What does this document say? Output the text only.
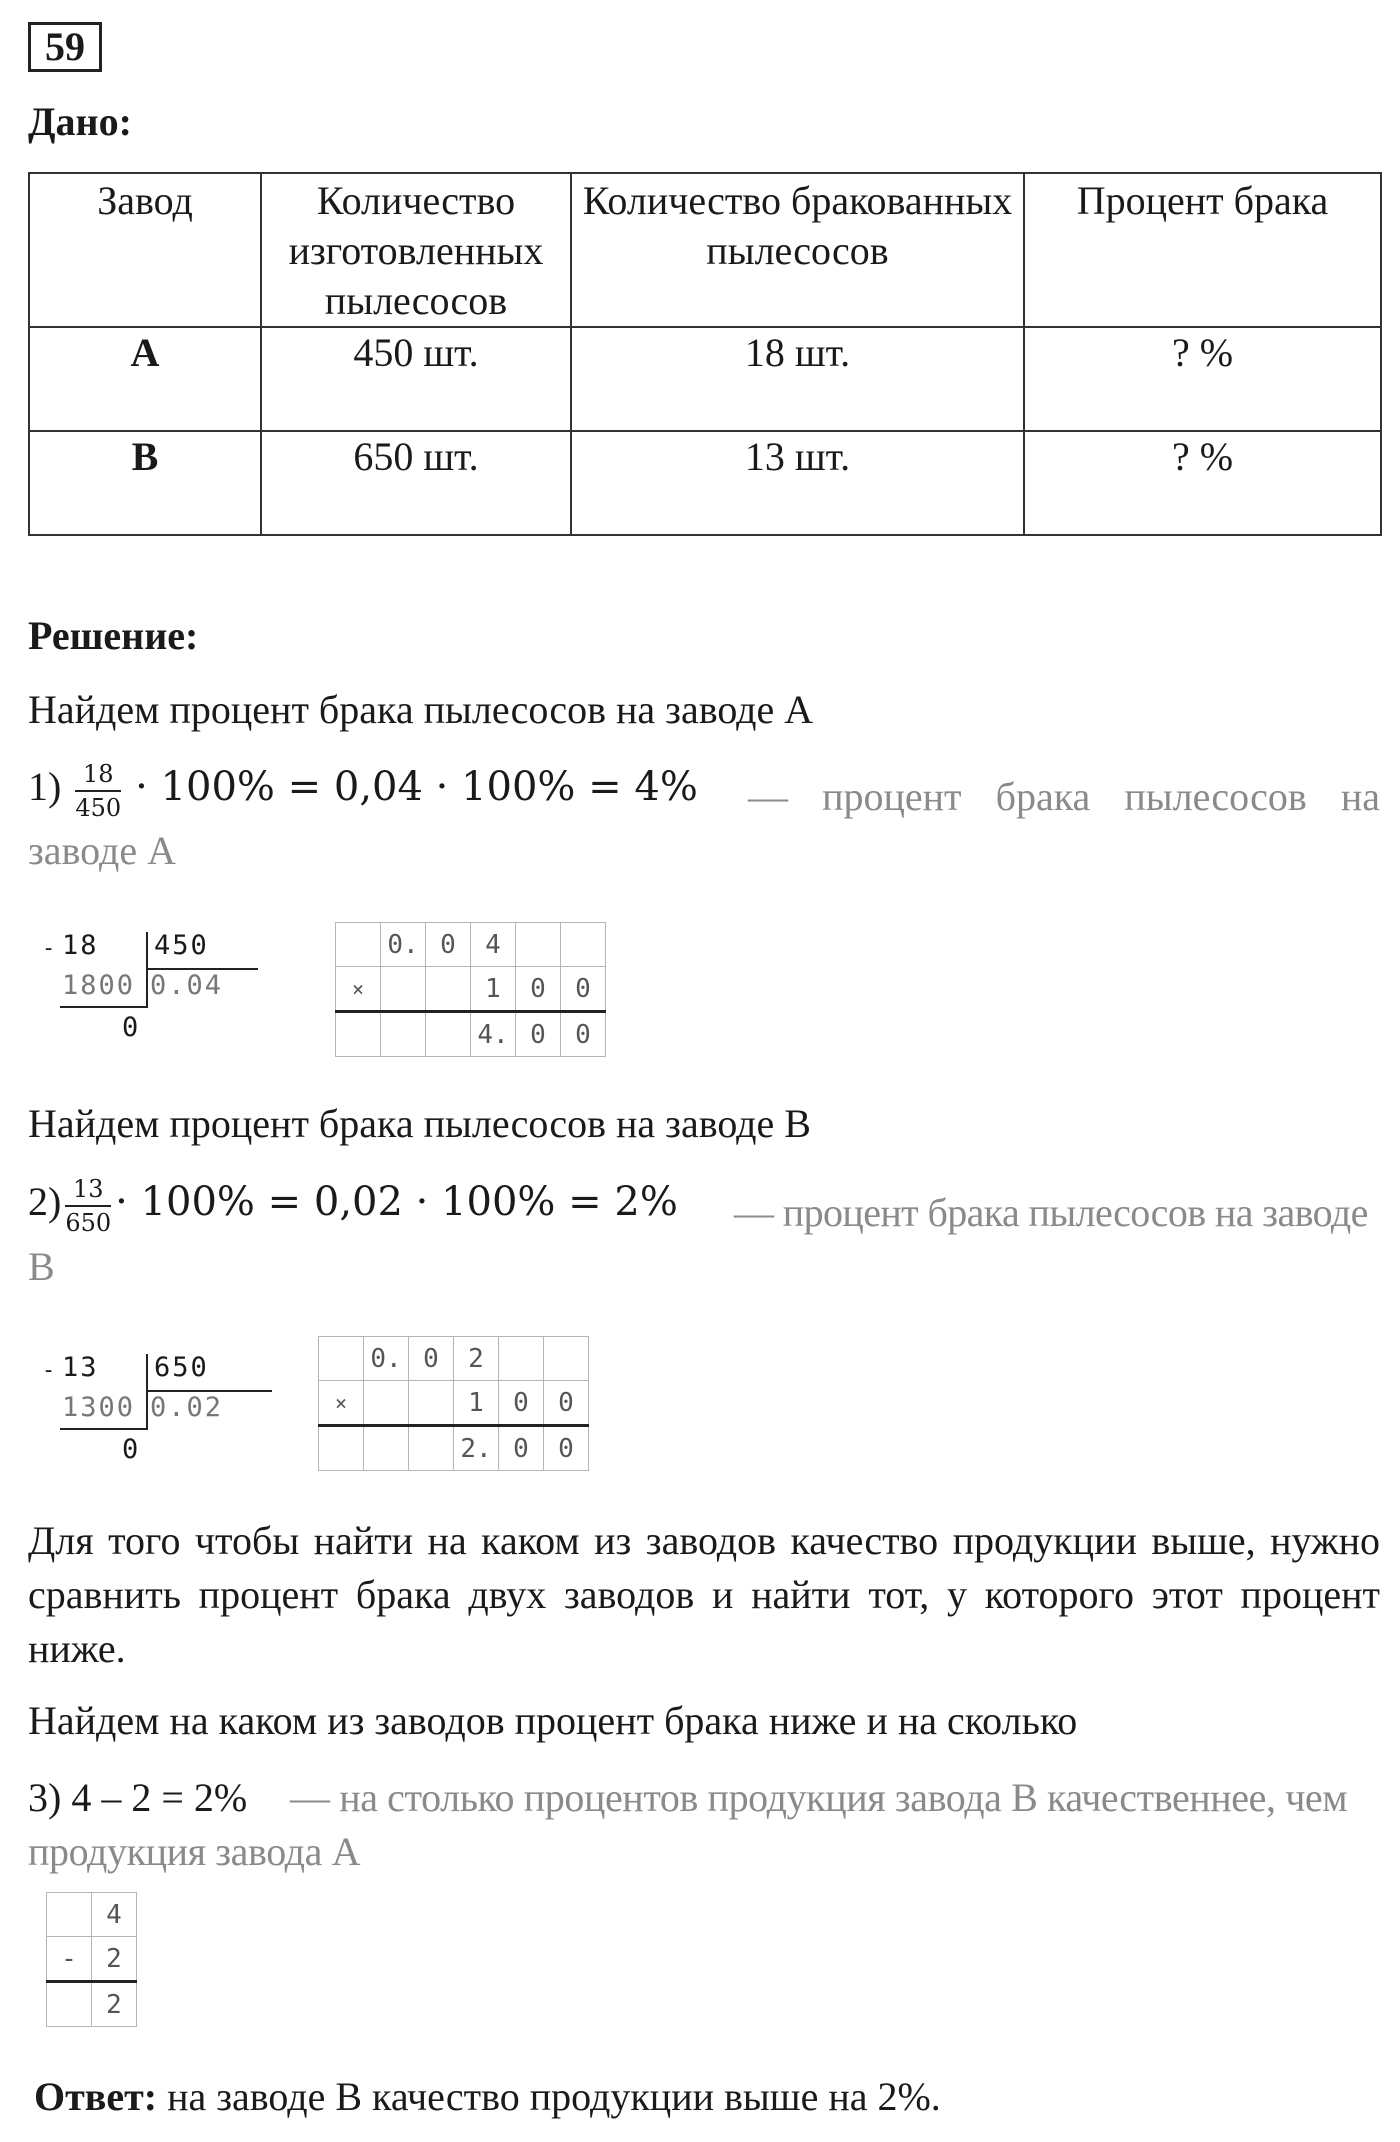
59
Дано:
Завод	Количество изготовленных пылесосов	Количество бракованных пылесосов	Процент брака
А	450 шт.	18 шт.	? %
В	650 шт.	13 шт.	? %
Решение:
Найдем процент брака пылесосов на заводе А
$1) \frac{18}{450} \cdot 100\% = 0,04 \cdot 100\% = 4\%$	— процент брака пылесосов на заводе А
- 18 450
1800 0.04
0
	0.	0	4		
×			1	0	0
			4.	0	0
Найдем процент брака пылесосов на заводе В
$2) \frac{13}{650} \cdot 100\% = 0,02 \cdot 100\% = 2\%$	— процент брака пылесосов на заводе В
- 13 650
1300 0.02
0
	0.	0	2		
×			1	0	0
			2.	0	0
Для того чтобы найти на каком из заводов качество продукции выше, нужно сравнить процент брака двух заводов и найти тот, у которого этот процент ниже.
Найдем на каком из заводов процент брака ниже и на сколько
3) 4 – 2 = 2%	— на столько процентов продукция завода В качественнее, чем продукция завода А
	4
-	2
	2
Ответ: на заводе В качество продукции выше на 2%.
